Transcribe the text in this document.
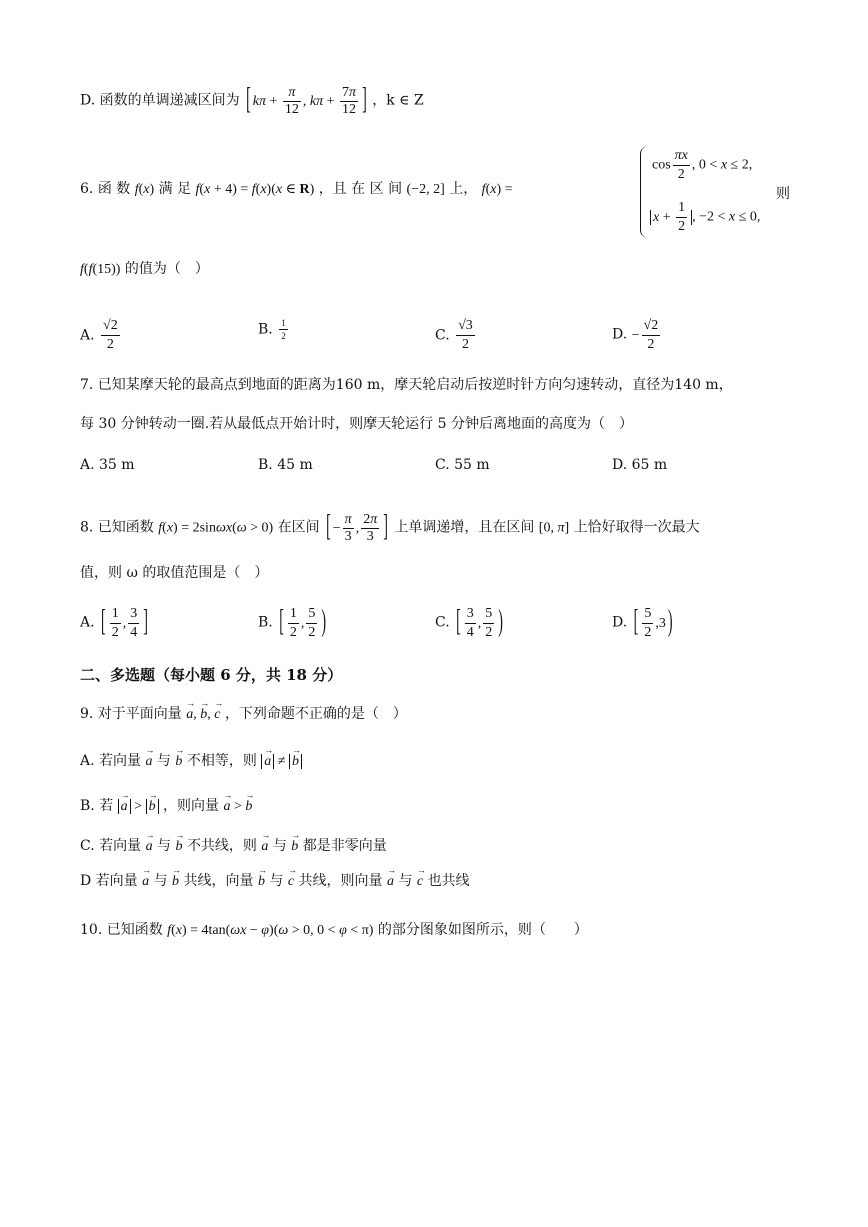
D. 函数的单调递减区间为 [ $k\pi + \frac{\pi}{12}$ , $k\pi + \frac{7\pi}{12}$ ] ，k ∈ Z
6. 函 数 f(x) 满 足 f(x + 4) = f(x)(x ∈ R) ，且 在 区 间 (−2, 2] 上， f(x) =
$\cos \frac{\pi x}{2}$ , 0 < x ≤ 2,
$x + \frac{1}{2}$ , −2 < x ≤ 0,
则
f(f(15)) 的值为（　）
A. $\frac{√2}{2}$	B. $\frac{1}{2}$	C. $\frac{√3}{2}$	D. − $\frac{√2}{2}$
7. 已知某摩天轮的最高点到地面的距离为160 m，摩天轮启动后按逆时针方向匀速转动，直径为140 m，
每 30 分钟转动一圈.若从最低点开始计时，则摩天轮运行 5 分钟后离地面的高度为（　）
A. 35 m	B. 45 m	C. 55 m	D. 65 m
8. 已知函数 f(x) = 2sinωx(ω > 0) 在区间 [ − $\frac{\pi}{3}$ , $\frac{2\pi}{3}$ ] 上单调递增，且在区间 [0, π] 上恰好取得一次最大
值，则 ω 的取值范围是（　）
A. [ $\frac{1}{2}$ , $\frac{3}{4}$ ]	B. [ $\frac{1}{2}$ , $\frac{5}{2}$ )	C. [ $\frac{3}{4}$ , $\frac{5}{2}$ )	D. [ $\frac{5}{2} ,3$ )
二、多选题（每小题 6 分，共 18 分）
9. 对于平面向量 → a, → b, → c ，下列命题不正确的是（　）
A. 若向量 → a 与 → b 不相等，则 → a ≠ → b
B. 若 → a > → b ，则向量 → a > → b
C. 若向量 → a 与 → b 不共线，则 → a 与 → b 都是非零向量
D 若向量 → a 与 → b 共线，向量 → b 与 → c 共线，则向量 → a 与 → c 也共线
10. 已知函数 f(x) = 4tan(ωx − φ)(ω > 0, 0 < φ < π) 的部分图象如图所示，则（　　）
